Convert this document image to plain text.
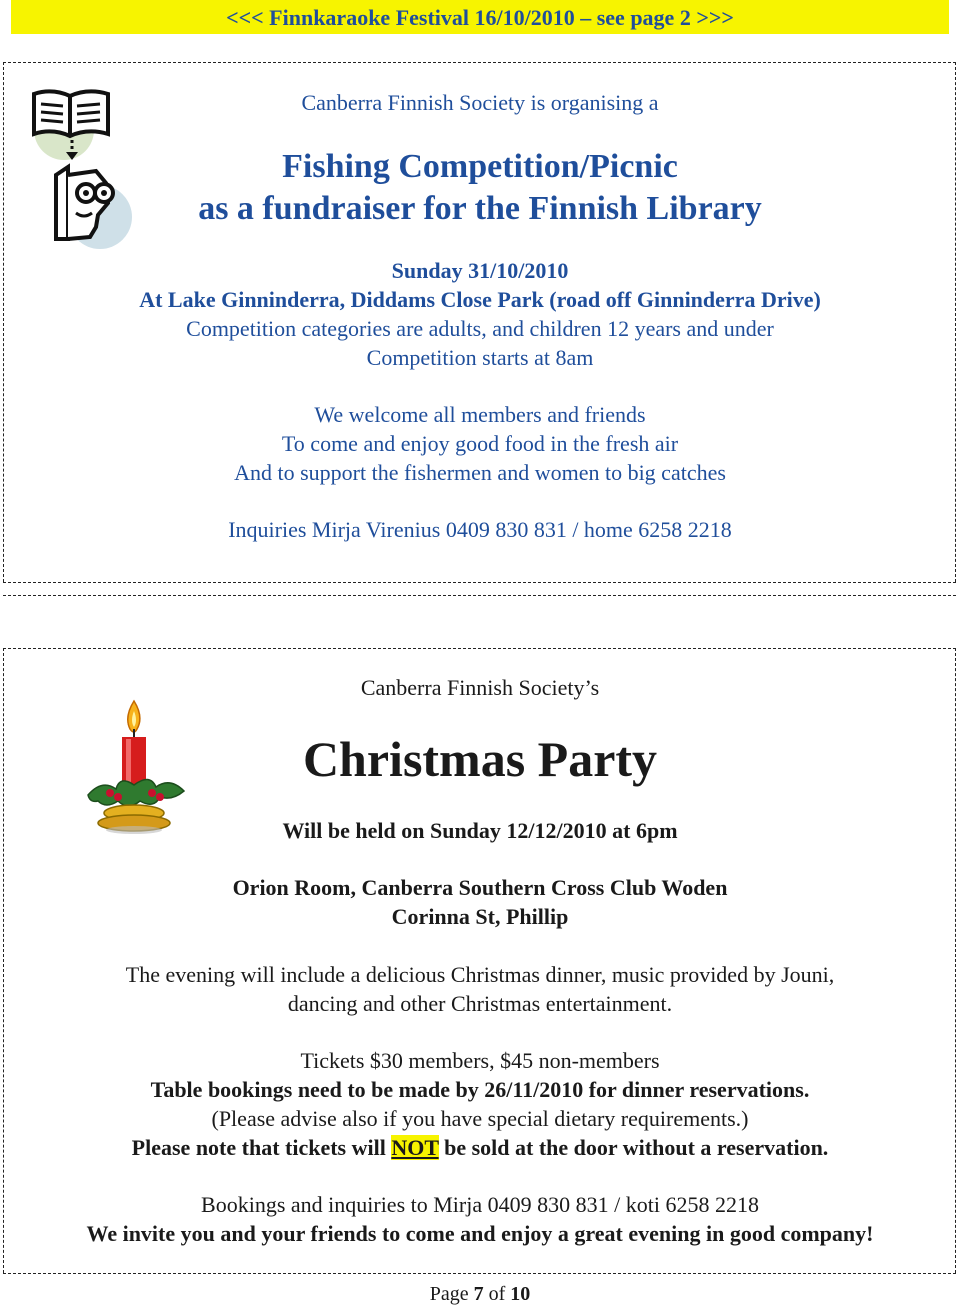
<<< Finnkaraoke Festival 16/10/2010 – see page 2 >>>
Canberra Finnish Society is organising a
Fishing Competition/Picnic
as a fundraiser for the Finnish Library
Sunday 31/10/2010
At Lake Ginninderra, Diddams Close Park (road off Ginninderra Drive)
Competition categories are adults, and children 12 years and under
Competition starts at 8am
We welcome all members and friends
To come and enjoy good food in the fresh air
And to support the fishermen and women to big catches
Inquiries Mirja Virenius 0409 830 831 / home 6258 2218
Canberra Finnish Society’s
Christmas Party
Will be held on Sunday 12/12/2010 at 6pm
Orion Room, Canberra Southern Cross Club Woden
Corinna St, Phillip
The evening will include a delicious Christmas dinner, music provided by Jouni,
dancing and other Christmas entertainment.
Tickets $30 members, $45 non-members
Table bookings need to be made by 26/11/2010 for dinner reservations.
(Please advise also if you have special dietary requirements.)
Please note that tickets will NOT be sold at the door without a reservation.
Bookings and inquiries to Mirja 0409 830 831 / koti 6258 2218
We invite you and your friends to come and enjoy a great evening in good company!
Page 7 of 10
